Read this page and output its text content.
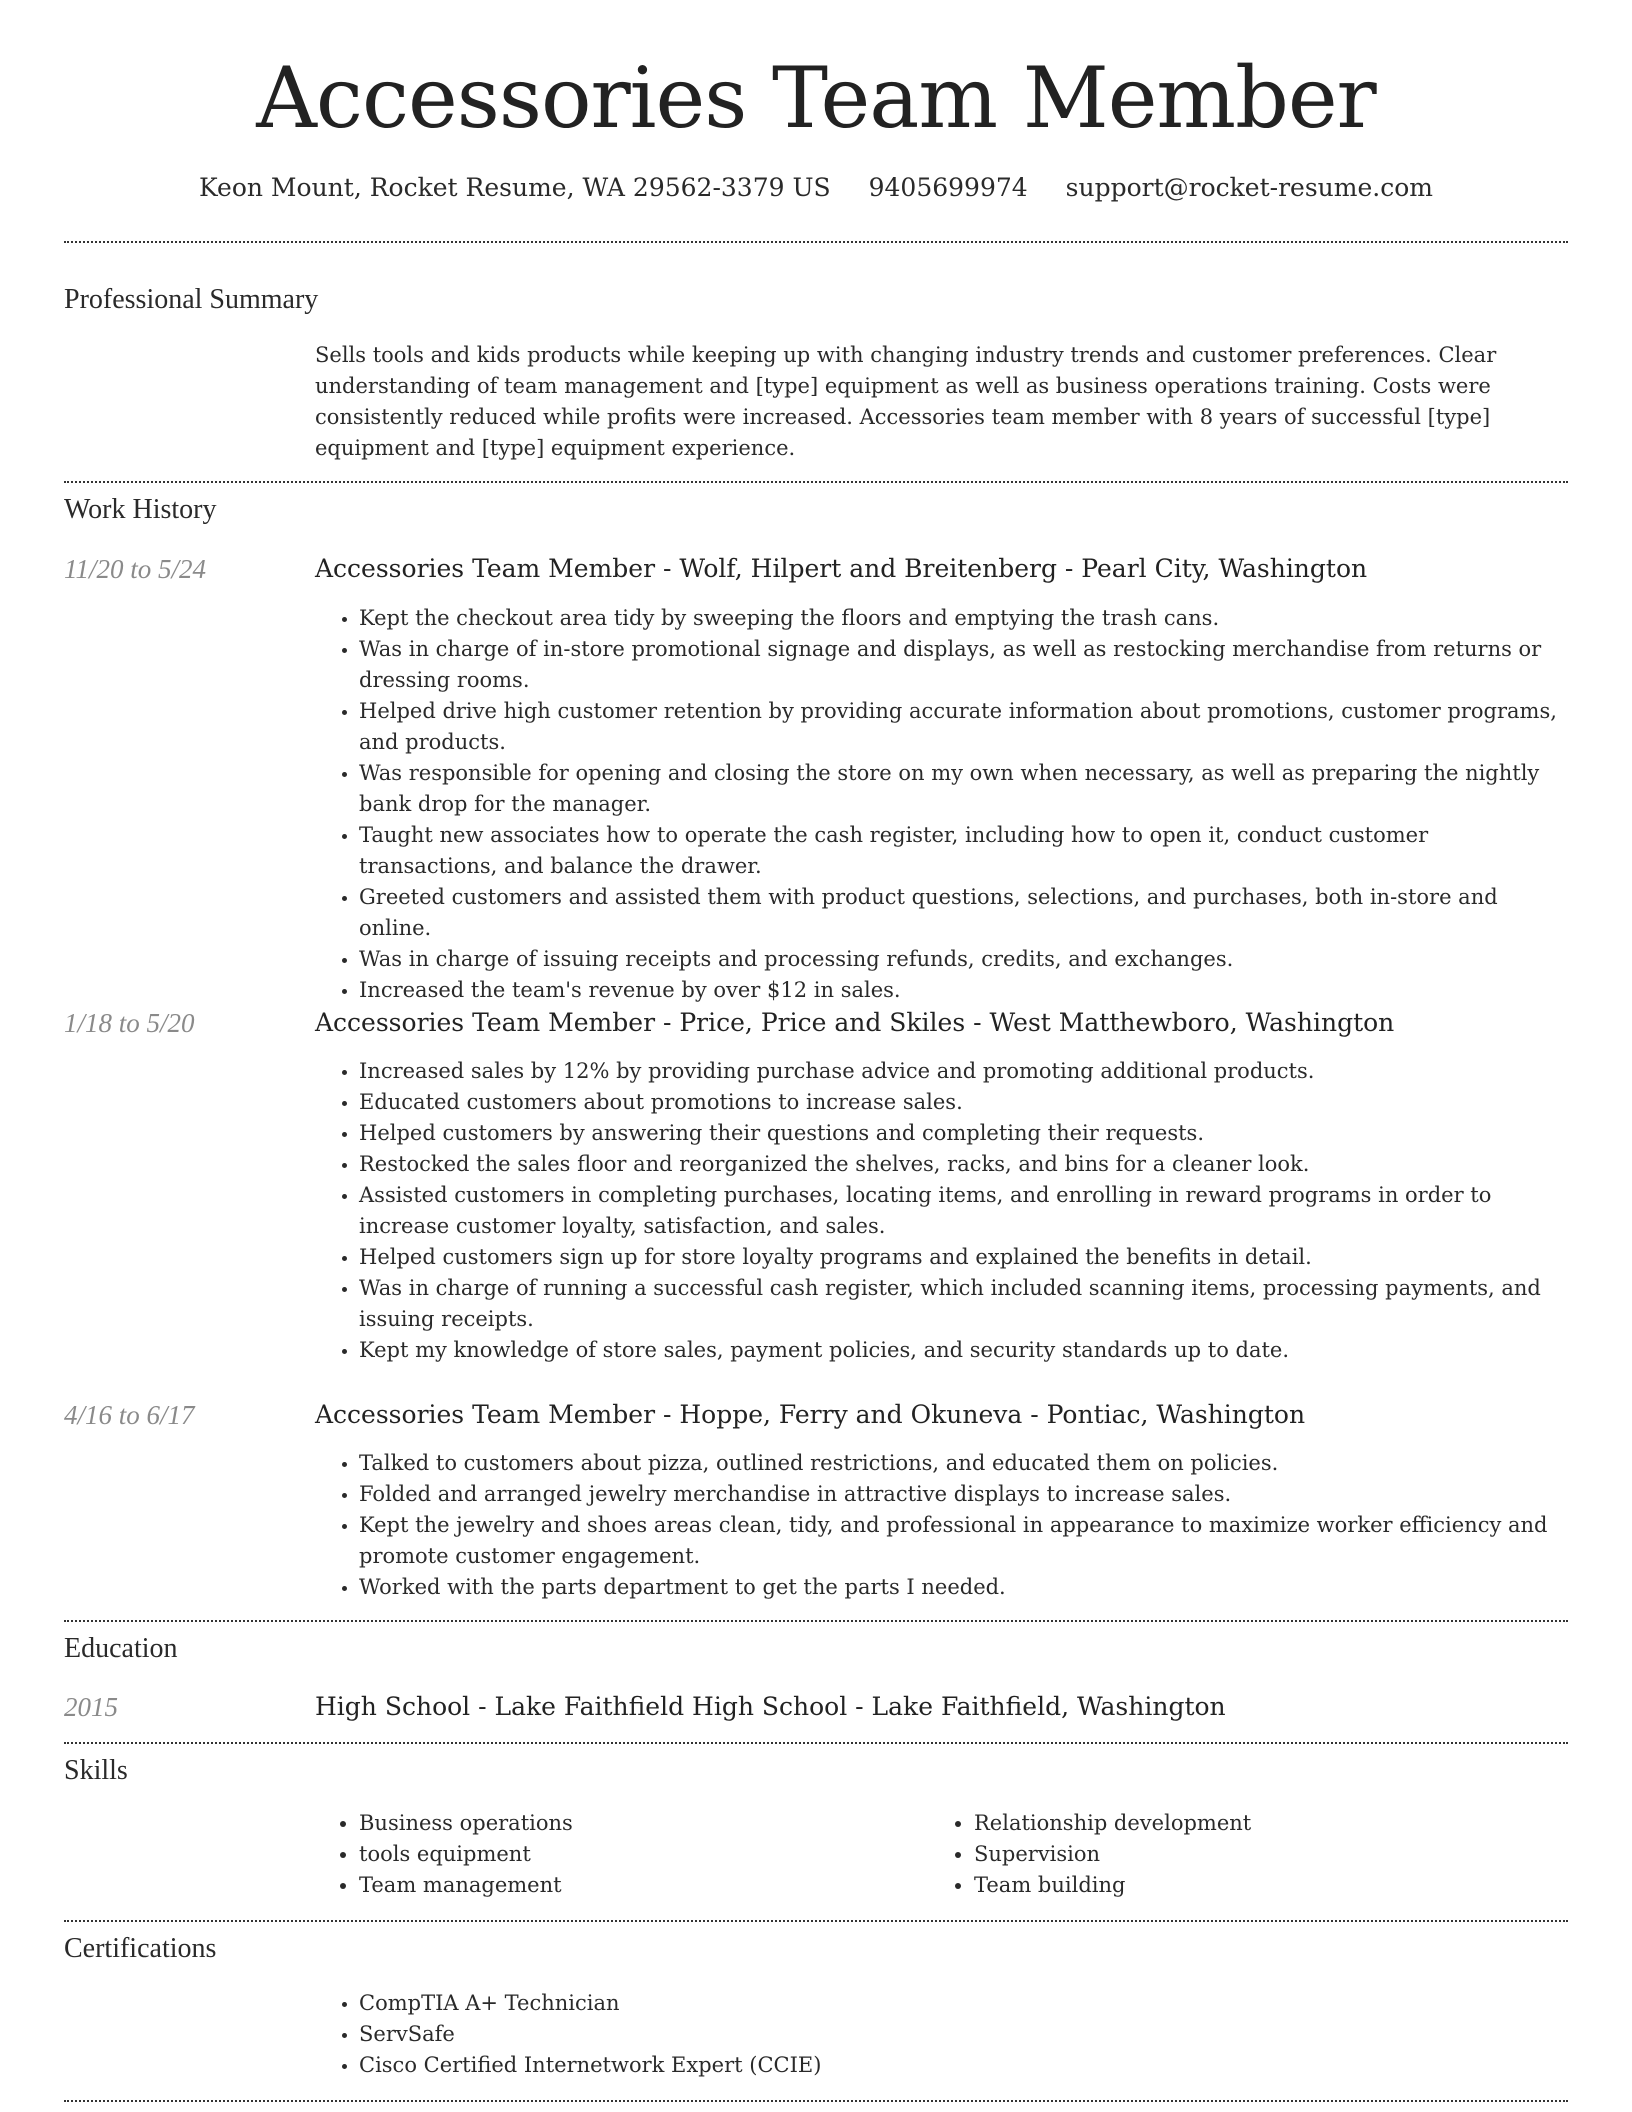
Accessories Team Member
Keon Mount, Rocket Resume, WA 29562-3379 US 9405699974 support@rocket-resume.com
Professional Summary

Sells tools and kids products while keeping up with changing industry trends and customer preferences. Clear understanding of team management and [type] equipment as well as business operations training. Costs were consistently reduced while profits were increased. Accessories team member with 8 years of successful [type] equipment and [type] equipment experience.

Work History
11/20 to 5/24	Accessories Team Member - Wolf, Hilpert and Breitenberg - Pearl City, Washington
• Kept the checkout area tidy by sweeping the floors and emptying the trash cans.
• Was in charge of in-store promotional signage and displays, as well as restocking merchandise from returns or dressing rooms.
• Helped drive high customer retention by providing accurate information about promotions, customer programs, and products.
• Was responsible for opening and closing the store on my own when necessary, as well as preparing the nightly bank drop for the manager.
• Taught new associates how to operate the cash register, including how to open it, conduct customer transactions, and balance the drawer.
• Greeted customers and assisted them with product questions, selections, and purchases, both in-store and online.
• Was in charge of issuing receipts and processing refunds, credits, and exchanges.
• Increased the team's revenue by over $12 in sales.
1/18 to 5/20	Accessories Team Member - Price, Price and Skiles - West Matthewboro, Washington
• Increased sales by 12% by providing purchase advice and promoting additional products.
• Educated customers about promotions to increase sales.
• Helped customers by answering their questions and completing their requests.
• Restocked the sales floor and reorganized the shelves, racks, and bins for a cleaner look.
• Assisted customers in completing purchases, locating items, and enrolling in reward programs in order to increase customer loyalty, satisfaction, and sales.
• Helped customers sign up for store loyalty programs and explained the benefits in detail.
• Was in charge of running a successful cash register, which included scanning items, processing payments, and issuing receipts.
• Kept my knowledge of store sales, payment policies, and security standards up to date.
4/16 to 6/17	Accessories Team Member - Hoppe, Ferry and Okuneva - Pontiac, Washington
• Talked to customers about pizza, outlined restrictions, and educated them on policies.
• Folded and arranged jewelry merchandise in attractive displays to increase sales.
• Kept the jewelry and shoes areas clean, tidy, and professional in appearance to maximize worker efficiency and promote customer engagement.
• Worked with the parts department to get the parts I needed.
Education
2015	High School - Lake Faithfield High School - Lake Faithfield, Washington
Skills
• Business operations
• tools equipment
• Team management
• Relationship development
• Supervision
• Team building
Certifications
• CompTIA A+ Technician
• ServSafe
• Cisco Certified Internetwork Expert (CCIE)
